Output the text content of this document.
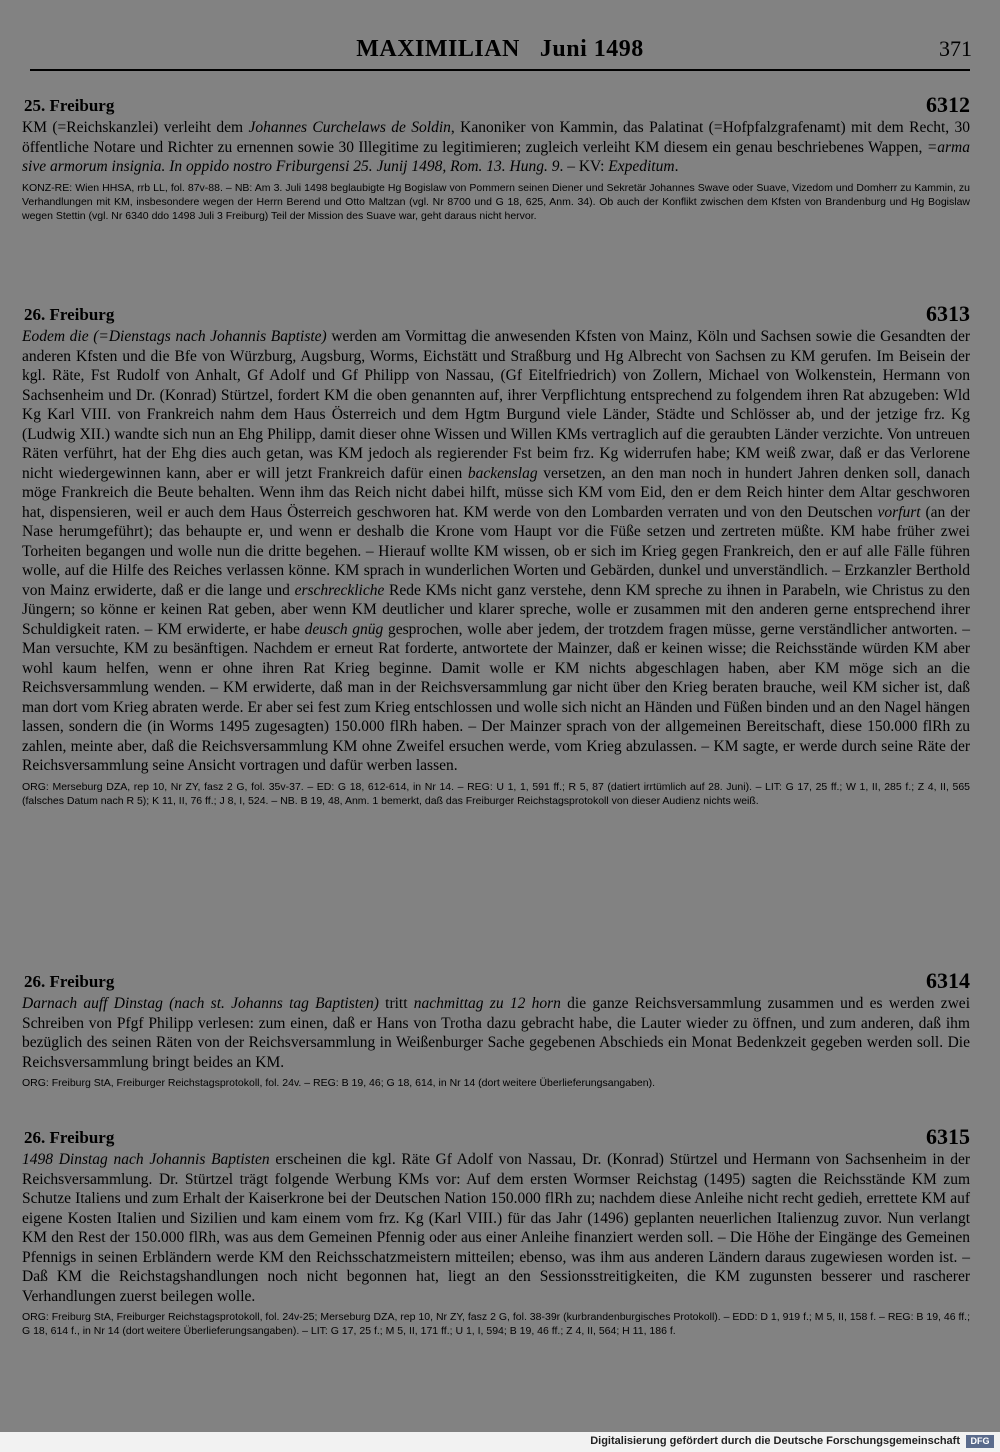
MAXIMILIAN Juni 1498	371
25. Freiburg	6312

KM (=Reichskanzlei) verleiht dem Johannes Curchelaws de Soldin, Kanoniker von Kammin, das Palatinat (=Hofpfalzgrafenamt) mit dem Recht, 30 öffentliche Notare und Richter zu ernennen sowie 30 Illegitime zu legitimieren; zugleich verleiht KM diesem ein genau beschriebenes Wappen, =arma sive armorum insignia. In oppido nostro Friburgensi 25. Junij 1498, Rom. 13. Hung. 9. – KV: Expeditum.

KONZ-RE: Wien HHSA, rrb LL, fol. 87v-88. – NB: Am 3. Juli 1498 beglaubigte Hg Bogislaw von Pommern seinen Diener und Sekretär Johannes Swave oder Suave, Vizedom und Domherr zu Kammin, zu Verhandlungen mit KM, insbesondere wegen der Herrn Berend und Otto Maltzan (vgl. Nr 8700 und G 18, 625, Anm. 34). Ob auch der Konflikt zwischen dem Kfsten von Brandenburg und Hg Bogislaw wegen Stettin (vgl. Nr 6340 ddo 1498 Juli 3 Freiburg) Teil der Mission des Suave war, geht daraus nicht hervor.

26. Freiburg	6313

Eodem die (=Dienstags nach Johannis Baptiste) werden am Vormittag die anwesenden Kfsten von Mainz, Köln und Sachsen sowie die Gesandten der anderen Kfsten und die Bfe von Würzburg, Augsburg, Worms, Eichstätt und Straßburg und Hg Albrecht von Sachsen zu KM gerufen. Im Beisein der kgl. Räte, Fst Rudolf von Anhalt, Gf Adolf und Gf Philipp von Nassau, (Gf Eitelfriedrich) von Zollern, Michael von Wolkenstein, Hermann von Sachsenheim und Dr. (Konrad) Stürtzel, fordert KM die oben genannten auf, ihrer Verpflichtung entsprechend zu folgendem ihren Rat abzugeben: Wld Kg Karl VIII. von Frankreich nahm dem Haus Österreich und dem Hgtm Burgund viele Länder, Städte und Schlösser ab, und der jetzige frz. Kg (Ludwig XII.) wandte sich nun an Ehg Philipp, damit dieser ohne Wissen und Willen KMs vertraglich auf die geraubten Länder verzichte. Von untreuen Räten verführt, hat der Ehg dies auch getan, was KM jedoch als regierender Fst beim frz. Kg widerrufen habe; KM weiß zwar, daß er das Verlorene nicht wiedergewinnen kann, aber er will jetzt Frankreich dafür einen backenslag versetzen, an den man noch in hundert Jahren denken soll, danach möge Frankreich die Beute behalten. Wenn ihm das Reich nicht dabei hilft, müsse sich KM vom Eid, den er dem Reich hinter dem Altar geschworen hat, dispensieren, weil er auch dem Haus Österreich geschworen hat. KM werde von den Lombarden verraten und von den Deutschen vorfurt (an der Nase herumgeführt); das behaupte er, und wenn er deshalb die Krone vom Haupt vor die Füße setzen und zertreten müßte. KM habe früher zwei Torheiten begangen und wolle nun die dritte begehen. – Hierauf wollte KM wissen, ob er sich im Krieg gegen Frankreich, den er auf alle Fälle führen wolle, auf die Hilfe des Reiches verlassen könne. KM sprach in wunderlichen Worten und Gebärden, dunkel und unverständlich. – Erzkanzler Berthold von Mainz erwiderte, daß er die lange und erschreckliche Rede KMs nicht ganz verstehe, denn KM spreche zu ihnen in Parabeln, wie Christus zu den Jüngern; so könne er keinen Rat geben, aber wenn KM deutlicher und klarer spreche, wolle er zusammen mit den anderen gerne entsprechend ihrer Schuldigkeit raten. – KM erwiderte, er habe deusch gnüg gesprochen, wolle aber jedem, der trotzdem fragen müsse, gerne verständlicher antworten. – Man versuchte, KM zu besänftigen. Nachdem er erneut Rat forderte, antwortete der Mainzer, daß er keinen wisse; die Reichsstände würden KM aber wohl kaum helfen, wenn er ohne ihren Rat Krieg beginne. Damit wolle er KM nichts abgeschlagen haben, aber KM möge sich an die Reichsversammlung wenden. – KM erwiderte, daß man in der Reichsversammlung gar nicht über den Krieg beraten brauche, weil KM sicher ist, daß man dort vom Krieg abraten werde. Er aber sei fest zum Krieg entschlossen und wolle sich nicht an Händen und Füßen binden und an den Nagel hängen lassen, sondern die (in Worms 1495 zugesagten) 150.000 flRh haben. – Der Mainzer sprach von der allgemeinen Bereitschaft, diese 150.000 flRh zu zahlen, meinte aber, daß die Reichsversammlung KM ohne Zweifel ersuchen werde, vom Krieg abzulassen. – KM sagte, er werde durch seine Räte der Reichsversammlung seine Ansicht vortragen und dafür werben lassen.

ORG: Merseburg DZA, rep 10, Nr ZY, fasz 2 G, fol. 35v-37. – ED: G 18, 612-614, in Nr 14. – REG: U 1, 1, 591 ff.; R 5, 87 (datiert irrtümlich auf 28. Juni). – LIT: G 17, 25 ff.; W 1, II, 285 f.; Z 4, II, 565 (falsches Datum nach R 5); K 11, II, 76 ff.; J 8, I, 524. – NB. B 19, 48, Anm. 1 bemerkt, daß das Freiburger Reichstagsprotokoll von dieser Audienz nichts weiß.

26. Freiburg	6314

Darnach auff Dinstag (nach st. Johanns tag Baptisten) tritt nachmittag zu 12 horn die ganze Reichsversammlung zusammen und es werden zwei Schreiben von Pfgf Philipp verlesen: zum einen, daß er Hans von Trotha dazu gebracht habe, die Lauter wieder zu öffnen, und zum anderen, daß ihm bezüglich des seinen Räten von der Reichsversammlung in Weißenburger Sache gegebenen Abschieds ein Monat Bedenkzeit gegeben werden soll. Die Reichsversammlung bringt beides an KM.

ORG: Freiburg StA, Freiburger Reichstagsprotokoll, fol. 24v. – REG: B 19, 46; G 18, 614, in Nr 14 (dort weitere Überlieferungsangaben).

26. Freiburg	6315

1498 Dinstag nach Johannis Baptisten erscheinen die kgl. Räte Gf Adolf von Nassau, Dr. (Konrad) Stürtzel und Hermann von Sachsenheim in der Reichsversammlung. Dr. Stürtzel trägt folgende Werbung KMs vor: Auf dem ersten Wormser Reichstag (1495) sagten die Reichsstände KM zum Schutze Italiens und zum Erhalt der Kaiserkrone bei der Deutschen Nation 150.000 flRh zu; nachdem diese Anleihe nicht recht gedieh, errettete KM auf eigene Kosten Italien und Sizilien und kam einem vom frz. Kg (Karl VIII.) für das Jahr (1496) geplanten neuerlichen Italienzug zuvor. Nun verlangt KM den Rest der 150.000 flRh, was aus dem Gemeinen Pfennig oder aus einer Anleihe finanziert werden soll. – Die Höhe der Eingänge des Gemeinen Pfennigs in seinen Erbländern werde KM den Reichsschatzmeistern mitteilen; ebenso, was ihm aus anderen Ländern daraus zugewiesen worden ist. – Daß KM die Reichstagshandlungen noch nicht begonnen hat, liegt an den Sessionsstreitigkeiten, die KM zugunsten besserer und rascherer Verhandlungen zuerst beilegen wolle.

ORG: Freiburg StA, Freiburger Reichstagsprotokoll, fol. 24v-25; Merseburg DZA, rep 10, Nr ZY, fasz 2 G, fol. 38-39r (kurbrandenburgisches Protokoll). – EDD: D 1, 919 f.; M 5, II, 158 f. – REG: B 19, 46 ff.; G 18, 614 f., in Nr 14 (dort weitere Überlieferungsangaben). – LIT: G 17, 25 f.; M 5, II, 171 ff.; U 1, I, 594; B 19, 46 ff.; Z 4, II, 564; H 11, 186 f.

Digitalisierung gefördert durch die Deutsche Forschungsgemeinschaft	DFG
